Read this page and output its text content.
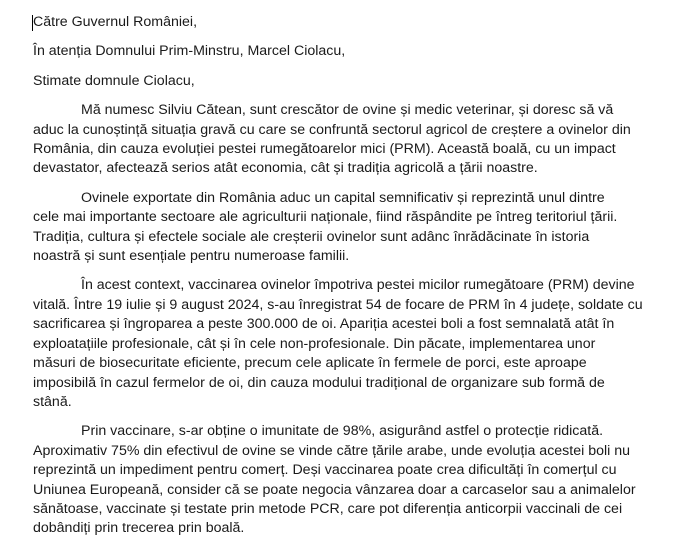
Către Guvernul României,
În atenția Domnului Prim-Minstru, Marcel Ciolacu,
Stimate domnule Ciolacu,
Mă numesc Silviu Cătean, sunt crescător de ovine și medic veterinar, și doresc să vă
aduc la cunoștință situația gravă cu care se confruntă sectorul agricol de creștere a ovinelor din
România, din cauza evoluției pestei rumegătoarelor mici (PRM). Această boală, cu un impact
devastator, afectează serios atât economia, cât și tradiția agricolă a țării noastre.
Ovinele exportate din România aduc un capital semnificativ și reprezintă unul dintre
cele mai importante sectoare ale agriculturii naționale, fiind răspândite pe întreg teritoriul țării.
Tradiția, cultura și efectele sociale ale creșterii ovinelor sunt adânc înrădăcinate în istoria
noastră și sunt esențiale pentru numeroase familii.
În acest context, vaccinarea ovinelor împotriva pestei micilor rumegătoare (PRM) devine
vitală. Între 19 iulie și 9 august 2024, s-au înregistrat 54 de focare de PRM în 4 județe, soldate cu
sacrificarea și îngroparea a peste 300.000 de oi. Apariția acestei boli a fost semnalată atât în
exploatațiile profesionale, cât și în cele non-profesionale. Din păcate, implementarea unor
măsuri de biosecuritate eficiente, precum cele aplicate în fermele de porci, este aproape
imposibilă în cazul fermelor de oi, din cauza modului tradițional de organizare sub formă de
stână.
Prin vaccinare, s-ar obține o imunitate de 98%, asigurând astfel o protecție ridicată.
Aproximativ 75% din efectivul de ovine se vinde către țările arabe, unde evoluția acestei boli nu
reprezintă un impediment pentru comerț. Deși vaccinarea poate crea dificultăți în comerțul cu
Uniunea Europeană, consider că se poate negocia vânzarea doar a carcaselor sau a animalelor
sănătoase, vaccinate și testate prin metode PCR, care pot diferenția anticorpii vaccinali de cei
dobândiți prin trecerea prin boală.
